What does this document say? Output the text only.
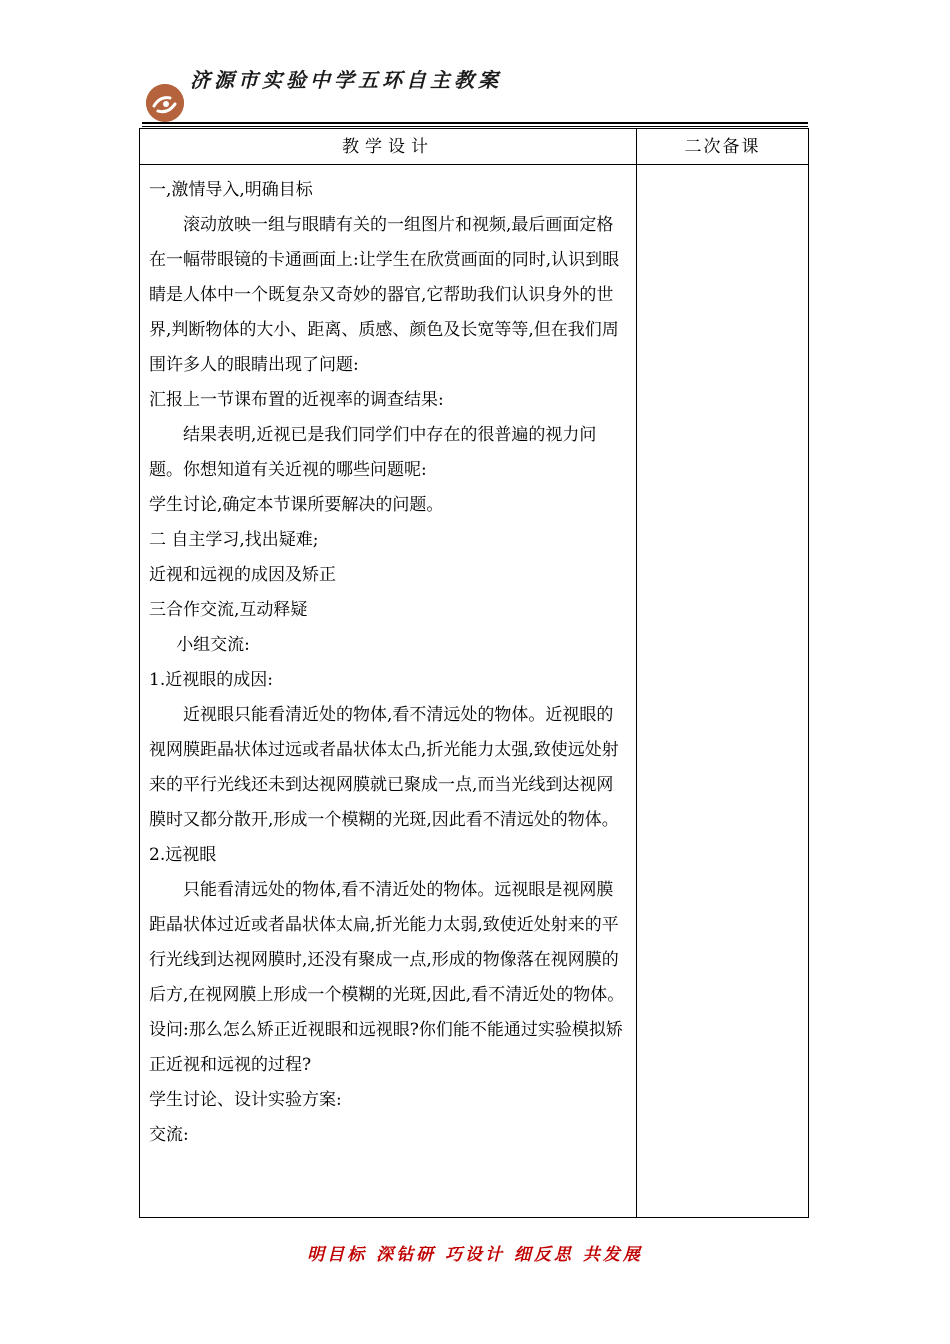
济源市实验中学五环自主教案
教学设计	二次备课

一,激情导入,明确目标

滚动放映一组与眼睛有关的一组图片和视频,最后画面定格在一幅带眼镜的卡通画面上:让学生在欣赏画面的同时,认识到眼睛是人体中一个既复杂又奇妙的器官,它帮助我们认识身外的世界,判断物体的大小、距离、质感、颜色及长宽等等,但在我们周围许多人的眼睛出现了问题:

汇报上一节课布置的近视率的调查结果:

结果表明,近视已是我们同学们中存在的很普遍的视力问题。你想知道有关近视的哪些问题呢:

学生讨论,确定本节课所要解决的问题。

二 自主学习,找出疑难;

近视和远视的成因及矫正

三合作交流,互动释疑

小组交流:

1.近视眼的成因:

近视眼只能看清近处的物体,看不清远处的物体。近视眼的视网膜距晶状体过远或者晶状体太凸,折光能力太强,致使远处射来的平行光线还未到达视网膜就已聚成一点,而当光线到达视网膜时又都分散开,形成一个模糊的光斑,因此看不清远处的物体。

2.远视眼

只能看清远处的物体,看不清近处的物体。远视眼是视网膜距晶状体过近或者晶状体太扁,折光能力太弱,致使近处射来的平行光线到达视网膜时,还没有聚成一点,形成的物像落在视网膜的后方,在视网膜上形成一个模糊的光斑,因此,看不清近处的物体。

设问:那么怎么矫正近视眼和远视眼?你们能不能通过实验模拟矫正近视和远视的过程?

学生讨论、设计实验方案:

交流:

明目标 深钻研 巧设计 细反思 共发展
